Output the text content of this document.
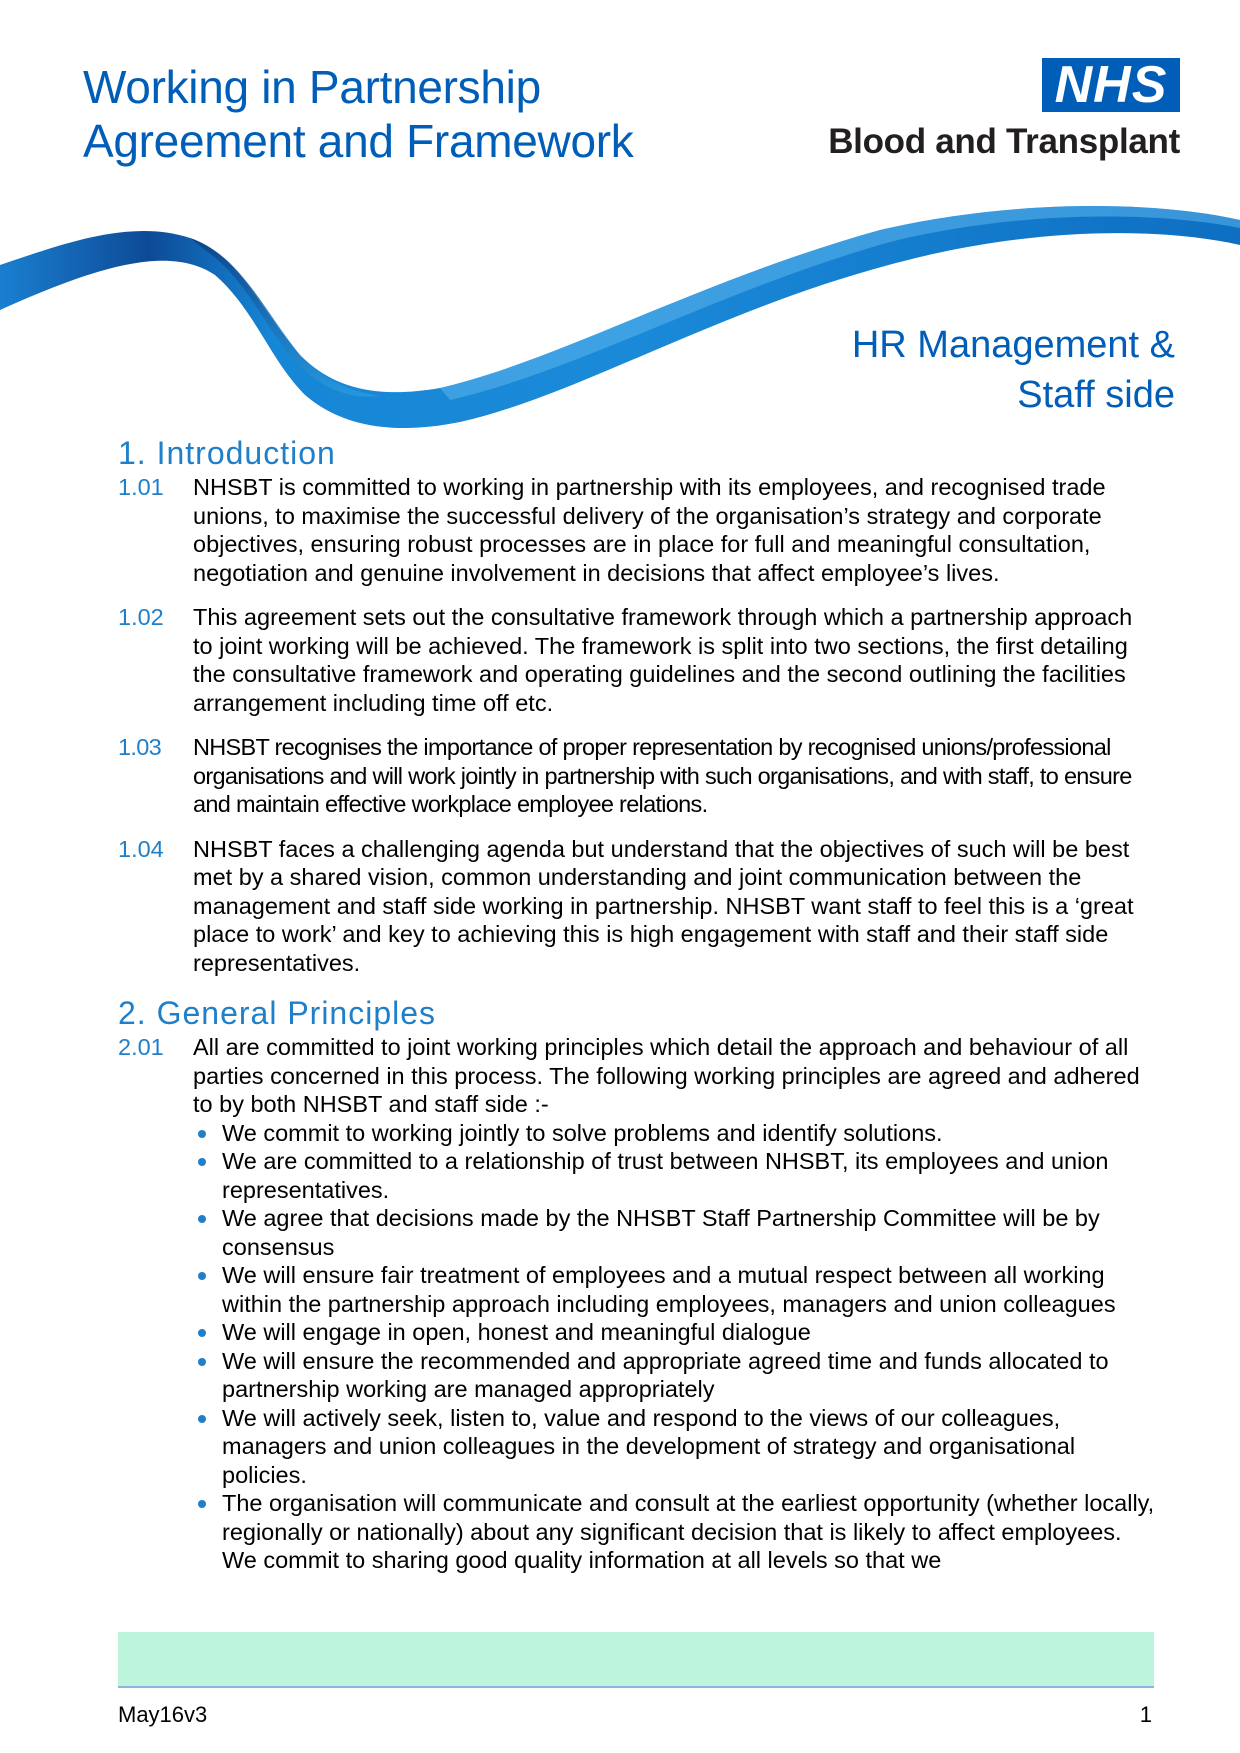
Working in Partnership
Agreement and Framework
NHS
Blood and Transplant
HR Management &
Staff side
1. Introduction

1.01 NHSBT is committed to working in partnership with its employees, and recognised trade unions, to maximise the successful delivery of the organisation’s strategy and corporate objectives, ensuring robust processes are in place for full and meaningful consultation, negotiation and genuine involvement in decisions that affect employee’s lives.

1.02 This agreement sets out the consultative framework through which a partnership approach to joint working will be achieved. The framework is split into two sections, the first detailing the consultative framework and operating guidelines and the second outlining the facilities arrangement including time off etc.

1.03 NHSBT recognises the importance of proper representation by recognised unions/professional organisations and will work jointly in partnership with such organisations, and with staff, to ensure and maintain effective workplace employee relations.

1.04 NHSBT faces a challenging agenda but understand that the objectives of such will be best met by a shared vision, common understanding and joint communication between the management and staff side working in partnership. NHSBT want staff to feel this is a ‘great place to work’ and key to achieving this is high engagement with staff and their staff side representatives.

2. General Principles

2.01 All are committed to joint working principles which detail the approach and behaviour of all parties concerned in this process. The following working principles are agreed and adhered to by both NHSBT and staff side :-

We commit to working jointly to solve problems and identify solutions.
We are committed to a relationship of trust between NHSBT, its employees and union representatives.
We agree that decisions made by the NHSBT Staff Partnership Committee will be by consensus
We will ensure fair treatment of employees and a mutual respect between all working within the partnership approach including employees, managers and union colleagues
We will engage in open, honest and meaningful dialogue
We will ensure the recommended and appropriate agreed time and funds allocated to partnership working are managed appropriately
We will actively seek, listen to, value and respond to the views of our colleagues, managers and union colleagues in the development of strategy and organisational policies.
The organisation will communicate and consult at the earliest opportunity (whether locally, regionally or nationally) about any significant decision that is likely to affect employees. We commit to sharing good quality information at all levels so that we
May16v3	1
